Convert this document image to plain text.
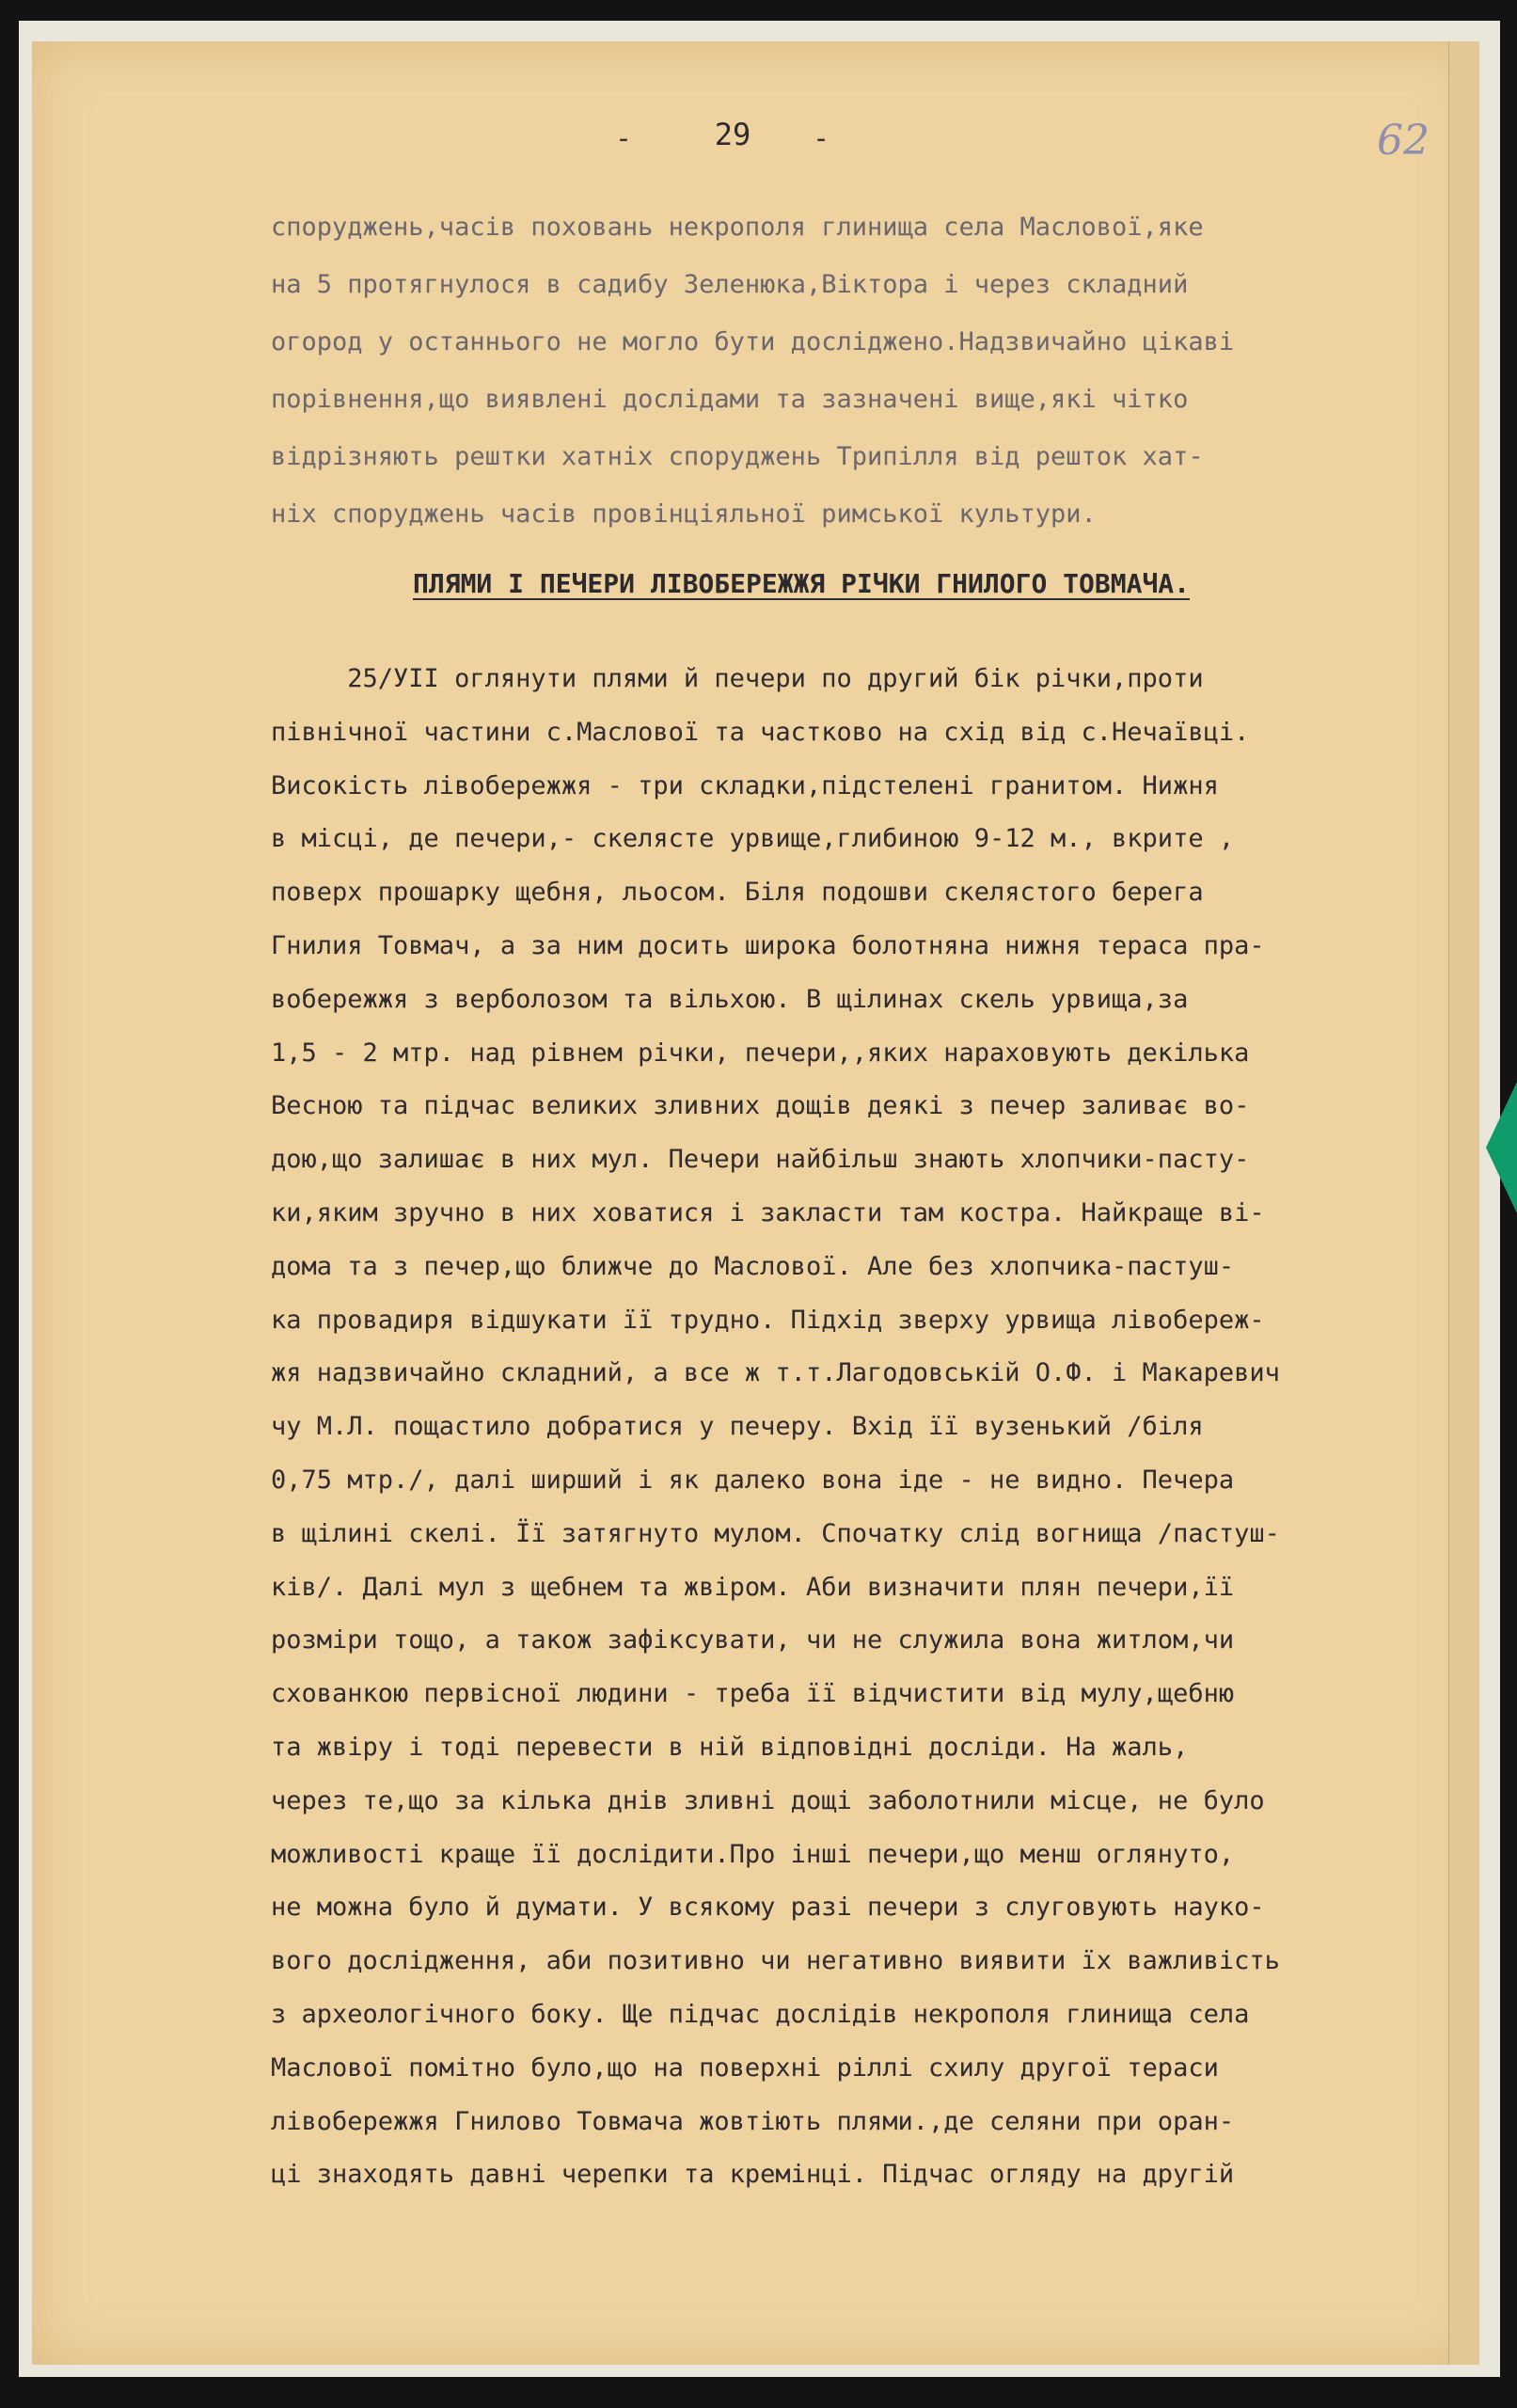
-	29	-	62
споруджень,часів поховань некрополя глинища села Маслової,яке
на 5 протягнулося в садибу Зеленюка,Віктора і через складний
огород у останнього не могло бути досліджено.Надзвичайно цікаві
порівнення,що виявлені дослідами та зазначені вище,які чітко
відрізняють рештки хатніх споруджень Трипілля від решток хат-
ніх споруджень часів провінціяльної римської культури.
ПЛЯМИ І ПЕЧЕРИ ЛІВОБЕРЕЖЖЯ РІЧКИ ГНИЛОГО ТОВМАЧА.
25/УІІ оглянути плями й печери по другий бік річки,проти
північної частини с.Маслової та частково на схід від с.Нечаївці.
Високість лівобережжя - три складки,підстелені гранитом. Нижня
в місці, де печери,- скелясте урвище,глибиною 9-12 м., вкрите ,
поверх прошарку щебня, льосом. Біля подошви скелястого берега
Гнилия Товмач, а за ним досить широка болотняна нижня тераса пра-
вобережжя з верболозом та вільхою. В щілинах скель урвища,за
1,5 - 2 мтр. над рівнем річки, печери,,яких нараховують декілька
Весною та підчас великих зливних дощів деякі з печер заливає во-
дою,що залишає в них мул. Печери найбільш знають хлопчики-пасту-
ки,яким зручно в них ховатися і закласти там костра. Найкраще ві-
дома та з печер,що ближче до Маслової. Але без хлопчика-пастуш-
ка провадиря відшукати її трудно. Підхід зверху урвища лівобереж-
жя надзвичайно складний, а все ж т.т.Лагодовській О.Ф. і Макаревич
чу М.Л. пощастило добратися у печеру. Вхід її вузенький /біля
0,75 мтр./, далі ширший і як далеко вона іде - не видно. Печера
в щілині скелі. Її затягнуто мулом. Спочатку слід вогнища /пастуш-
ків/. Далі мул з щебнем та жвіром. Аби визначити плян печери,її
розміри тощо, а також зафіксувати, чи не служила вона житлом,чи
схованкою первісної людини - треба її відчистити від мулу,щебню
та жвіру і тоді перевести в ній відповідні досліди. На жаль,
через те,що за кілька днів зливні дощі заболотнили місце, не було
можливості краще її дослідити.Про інші печери,що менш оглянуто,
не можна було й думати. У всякому разі печери з слуговують науко-
вого дослідження, аби позитивно чи негативно виявити їх важливість
з археологічного боку. Ще підчас дослідів некрополя глинища села
Маслової помітно було,що на поверхні ріллі схилу другої тераси
лівобережжя Гнилово Товмача жовтіють плями.,де селяни при оран-
ці знаходять давні черепки та кремінці. Підчас огляду на другій
